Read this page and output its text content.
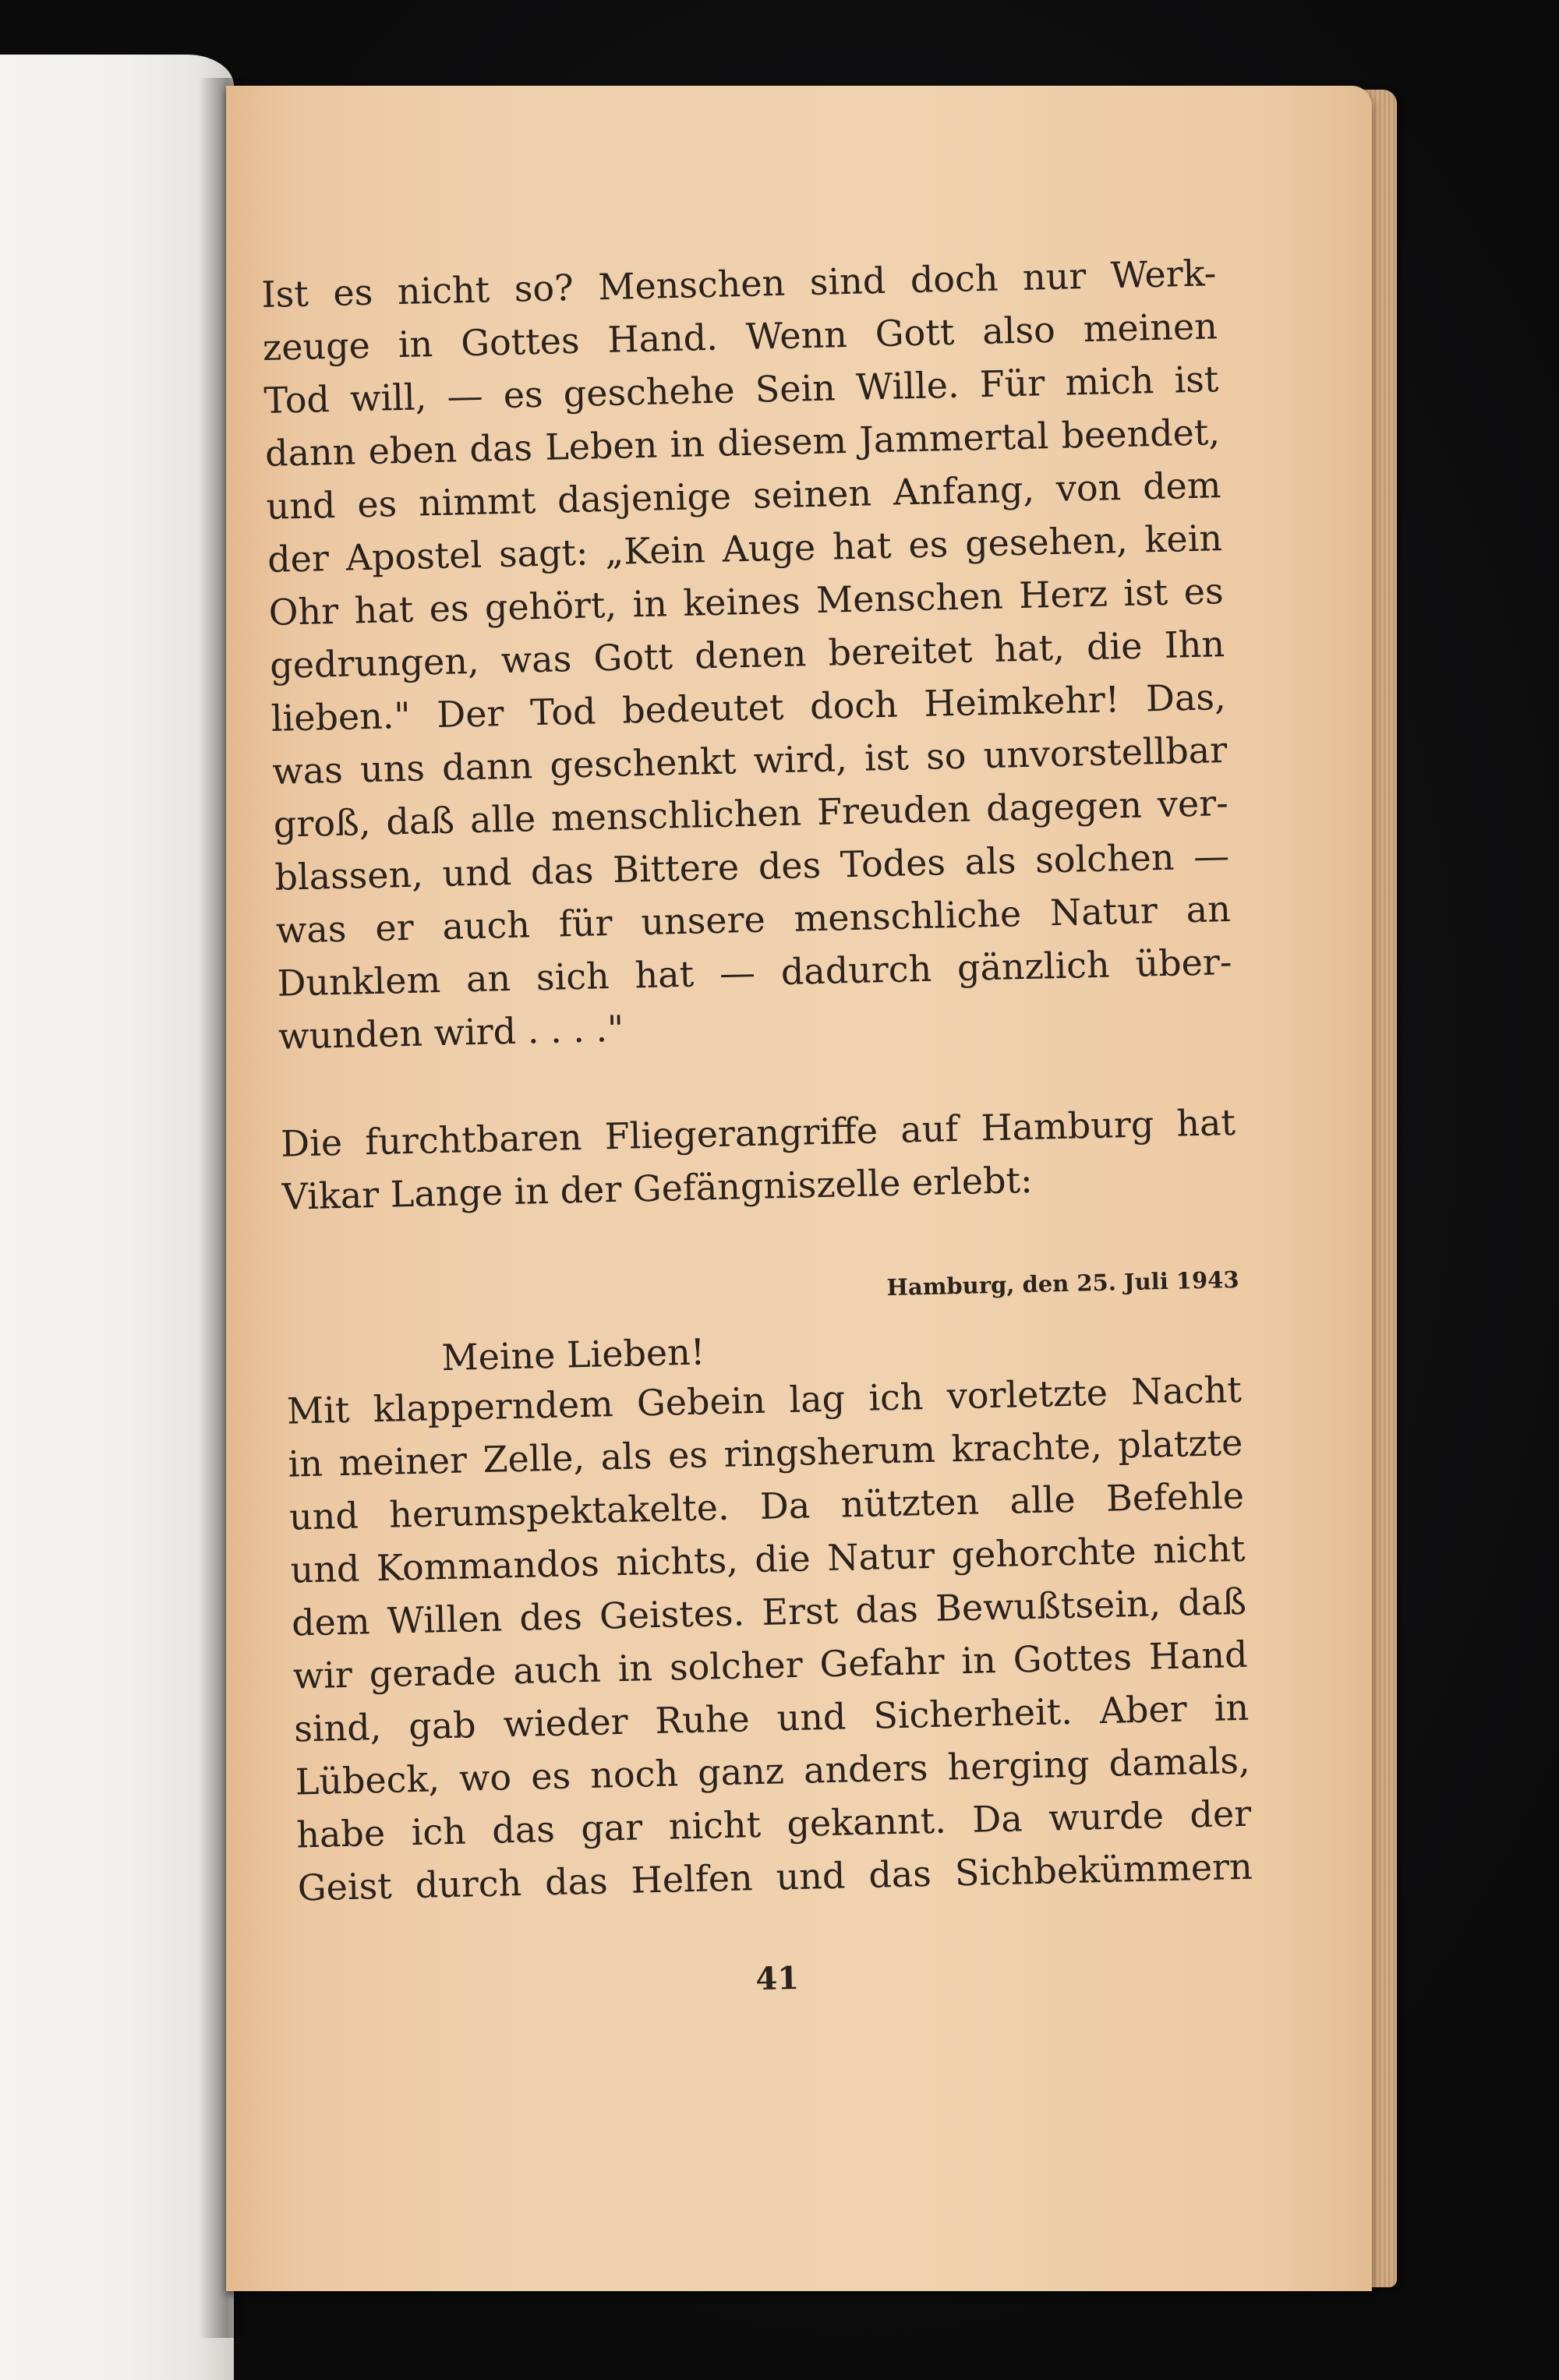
Ist es nicht so? Menschen sind doch nur Werk-
zeuge in Gottes Hand. Wenn Gott also meinen
Tod will, — es geschehe Sein Wille. Für mich ist
dann eben das Leben in diesem Jammertal beendet,
und es nimmt dasjenige seinen Anfang, von dem
der Apostel sagt: „Kein Auge hat es gesehen, kein
Ohr hat es gehört, in keines Menschen Herz ist es
gedrungen, was Gott denen bereitet hat, die Ihn
lieben." Der Tod bedeutet doch Heimkehr! Das,
was uns dann geschenkt wird, ist so unvorstellbar
groß, daß alle menschlichen Freuden dagegen ver-
blassen, und das Bittere des Todes als solchen —
was er auch für unsere menschliche Natur an
Dunklem an sich hat — dadurch gänzlich über-
wunden wird . . . ."
Die furchtbaren Fliegerangriffe auf Hamburg hat
Vikar Lange in der Gefängniszelle erlebt:
Hamburg, den 25. Juli 1943
Meine Lieben!
Mit klapperndem Gebein lag ich vorletzte Nacht
in meiner Zelle, als es ringsherum krachte, platzte
und herumspektakelte. Da nützten alle Befehle
und Kommandos nichts, die Natur gehorchte nicht
dem Willen des Geistes. Erst das Bewußtsein, daß
wir gerade auch in solcher Gefahr in Gottes Hand
sind, gab wieder Ruhe und Sicherheit. Aber in
Lübeck, wo es noch ganz anders herging damals,
habe ich das gar nicht gekannt. Da wurde der
Geist durch das Helfen und das Sichbekümmern
41
